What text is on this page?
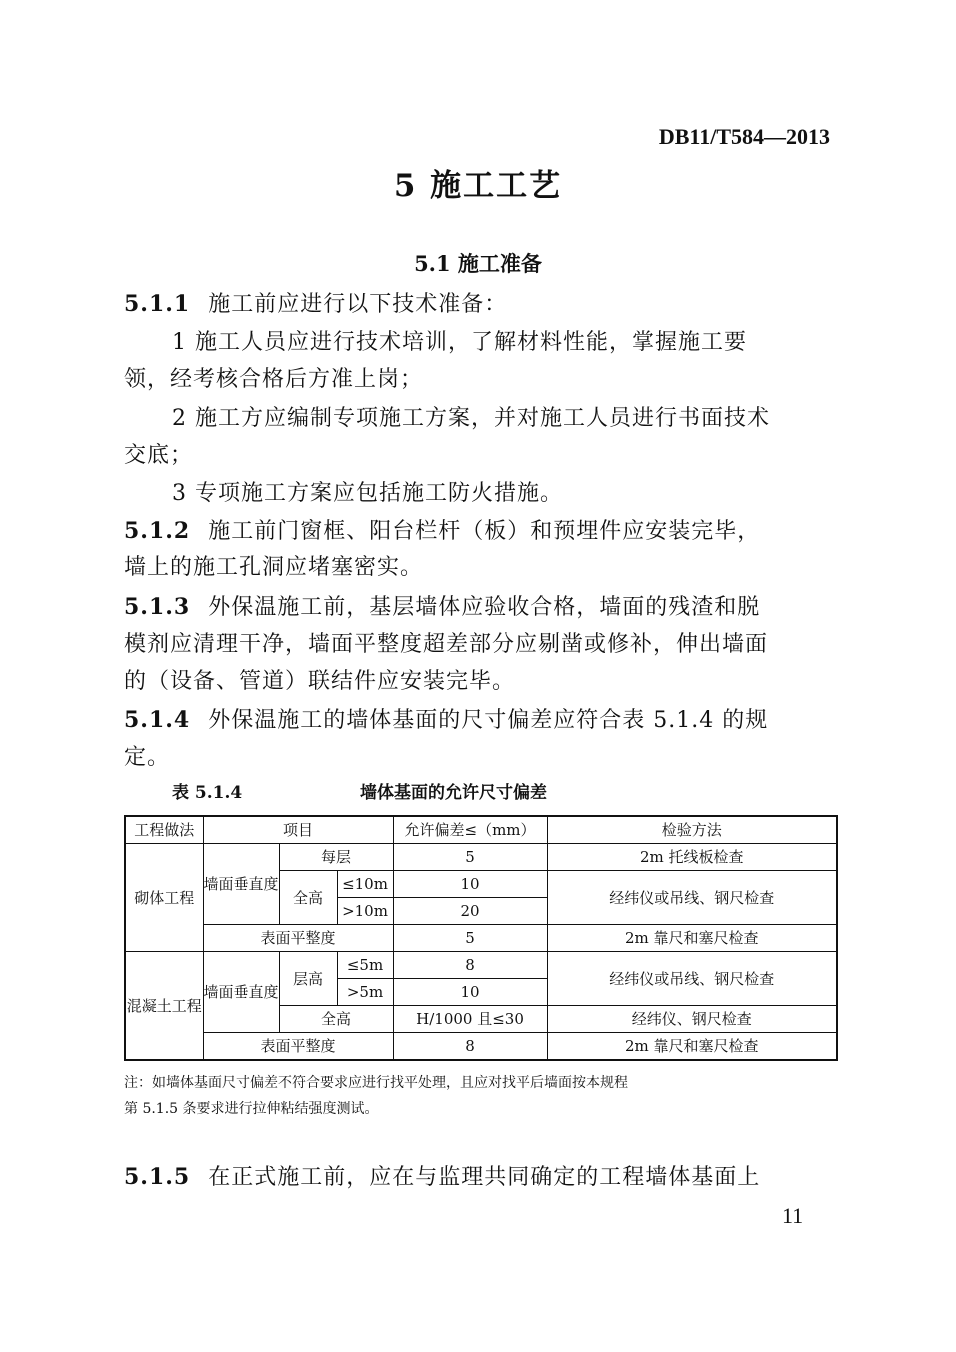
DB11/T584—2013
5 施工工艺
5.1 施工准备
5.1.1 施工前应进行以下技术准备：
1 施工人员应进行技术培训，了解材料性能，掌握施工要
领，经考核合格后方准上岗；
2 施工方应编制专项施工方案，并对施工人员进行书面技术
交底；
3 专项施工方案应包括施工防火措施。
5.1.2 施工前门窗框、阳台栏杆（板）和预埋件应安装完毕，
墙上的施工孔洞应堵塞密实。
5.1.3 外保温施工前，基层墙体应验收合格，墙面的残渣和脱
模剂应清理干净，墙面平整度超差部分应剔凿或修补，伸出墙面
的（设备、管道）联结件应安装完毕。
5.1.4 外保温施工的墙体基面的尺寸偏差应符合表 5.1.4 的规
定。
表 5.1.4	墙体基面的允许尺寸偏差
工程做法	项目			允许偏差≤（mm）	检验方法
砌体工程	墙面垂直度	每层		5	2m 托线板检查
		全高	≤10m	10	经纬仪或吊线、钢尺检查
			>10m	20	
	表面平整度			5	2m 靠尺和塞尺检查
混凝土工程	墙面垂直度	层高	≤5m	8	经纬仪或吊线、钢尺检查
			>5m	10	
		全高		H/1000 且≤30	经纬仪、钢尺检查
	表面平整度			8	2m 靠尺和塞尺检查
注：如墙体基面尺寸偏差不符合要求应进行找平处理，且应对找平后墙面按本规程
第 5.1.5 条要求进行拉伸粘结强度测试。
5.1.5 在正式施工前，应在与监理共同确定的工程墙体基面上
11
